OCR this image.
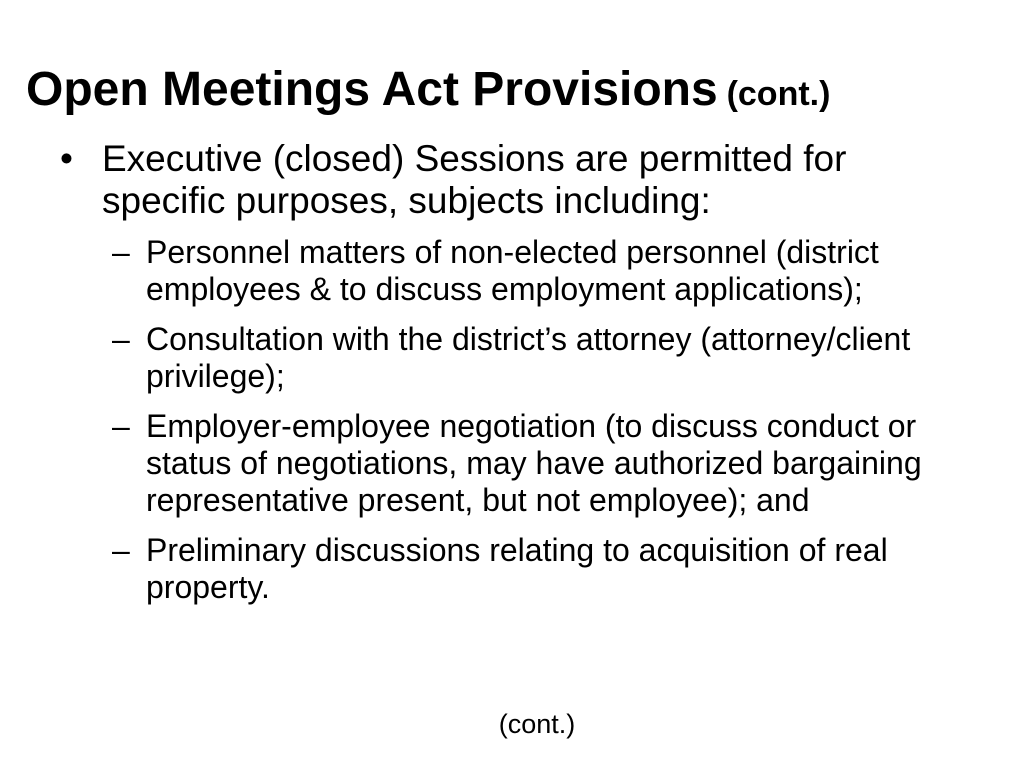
Open Meetings Act Provisions (cont.)
• Executive (closed) Sessions are permitted for specific purposes, subjects including:
– Personnel matters of non-elected personnel (district employees & to discuss employment applications);
– Consultation with the district’s attorney (attorney/client privilege);
– Employer-employee negotiation (to discuss conduct or status of negotiations, may have authorized bargaining representative present, but not employee); and
– Preliminary discussions relating to acquisition of real property.
(cont.)
